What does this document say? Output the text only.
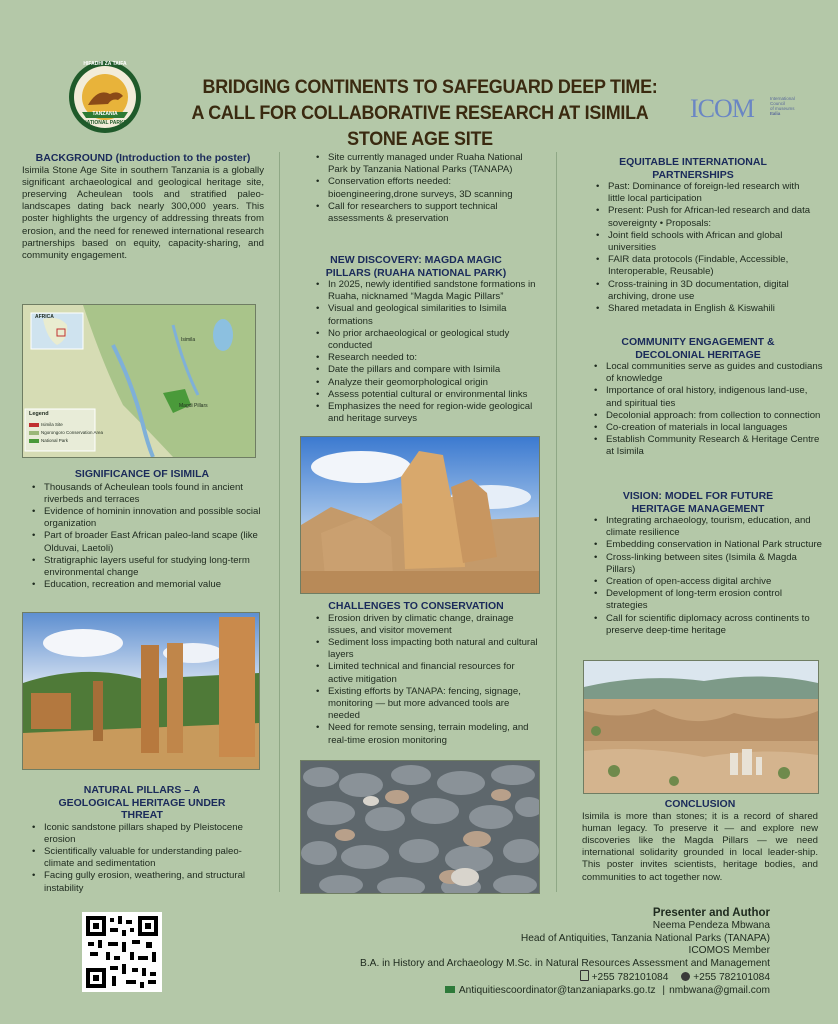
HIFADHI ZA TAIFA
TANZANIA
NATIONAL PARKS
BRIDGING CONTINENTS TO SAFEGUARD DEEP TIME:
A CALL FOR COLLABORATIVE RESEARCH AT ISIMILA STONE AGE SITE
ICOM	International
Council
of museums
Italia
BACKGROUND (Introduction to the poster)
Isimila Stone Age Site in southern Tanzania is a globally significant archaeological and geological heritage site, preserving Acheulean tools and stratified paleo-landscapes dating back nearly 300,000 years. This poster highlights the urgency of addressing threats from erosion, and the need for renewed international research partnerships based on equity, capacity-sharing, and community engagement.
AFRICA
Isimila
Magdi Pillars
Legend
Isimila Site
Ngorongoro Conservation Area
National Park
SIGNIFICANCE OF ISIMILA
• Thousands of Acheulean tools found in ancient riverbeds and terraces
• Evidence of hominin innovation and possible social organization
• Part of broader East African paleo-land scape (like Olduvai, Laetoli)
• Stratigraphic layers useful for studying long-term environmental change
• Education, recreation and memorial value
NATURAL PILLARS – A GEOLOGICAL HERITAGE UNDER THREAT
• Iconic sandstone pillars shaped by Pleistocene erosion
• Scientifically valuable for understanding paleo-climate and sedimentation
• Facing gully erosion, weathering, and structural instability
• Site currently managed under Ruaha National Park by Tanzania National Parks (TANAPA)
• Conservation efforts needed: bioengineering,drone surveys, 3D scanning
• Call for researchers to support technical assessments & preservation
NEW DISCOVERY: MAGDA MAGIC PILLARS (RUAHA NATIONAL PARK)
• In 2025, newly identified sandstone formations in Ruaha, nicknamed “Magda Magic Pillars”
• Visual and geological similarities to Isimila formations
• No prior archaeological or geological study conducted
• Research needed to:
• Date the pillars and compare with Isimila
• Analyze their geomorphological origin
• Assess potential cultural or environmental links
• Emphasizes the need for region-wide geological and heritage surveys
CHALLENGES TO CONSERVATION
• Erosion driven by climatic change, drainage issues, and visitor movement
• Sediment loss impacting both natural and cultural layers
• Limited technical and financial resources for active mitigation
• Existing efforts by TANAPA: fencing, signage, monitoring — but more advanced tools are needed
• Need for remote sensing, terrain modeling, and real-time erosion monitoring
EQUITABLE INTERNATIONAL PARTNERSHIPS
• Past: Dominance of foreign-led research with little local participation
• Present: Push for African-led research and data sovereignty • Proposals:
• Joint field schools with African and global universities
• FAIR data protocols (Findable, Accessible, Interoperable, Reusable)
• Cross-training in 3D documentation, digital archiving, drone use
• Shared metadata in English & Kiswahili
COMMUNITY ENGAGEMENT & DECOLONIAL HERITAGE
• Local communities serve as guides and custodians of knowledge
• Importance of oral history, indigenous land-use, and spiritual ties
• Decolonial approach: from collection to connection
• Co-creation of materials in local languages
• Establish Community Research & Heritage Centre at Isimila
VISION: MODEL FOR FUTURE HERITAGE MANAGEMENT
• Integrating archaeology, tourism, education, and climate resilience
• Embedding conservation in National Park structure
• Cross-linking between sites (Isimila & Magda Pillars)
• Creation of open-access digital archive
• Development of long-term erosion control strategies
• Call for scientific diplomacy across continents to preserve deep-time heritage
CONCLUSION
Isimila is more than stones; it is a record of shared human legacy. To preserve it — and explore new discoveries like the Magda Pillars — we need international solidarity grounded in local leader-ship. This poster invites scientists, heritage bodies, and communities to act together now.
Presenter and Author
Neema Pendeza Mbwana
Head of Antiquities, Tanzania National Parks (TANAPA)
ICOMOS Member
B.A. in History and Archaeology M.Sc. in Natural Resources Assessment and Management
+255 782101084 +255 782101084
Antiquitiescoordinator@tanzaniaparks.go.tz | nmbwana@gmail.com
